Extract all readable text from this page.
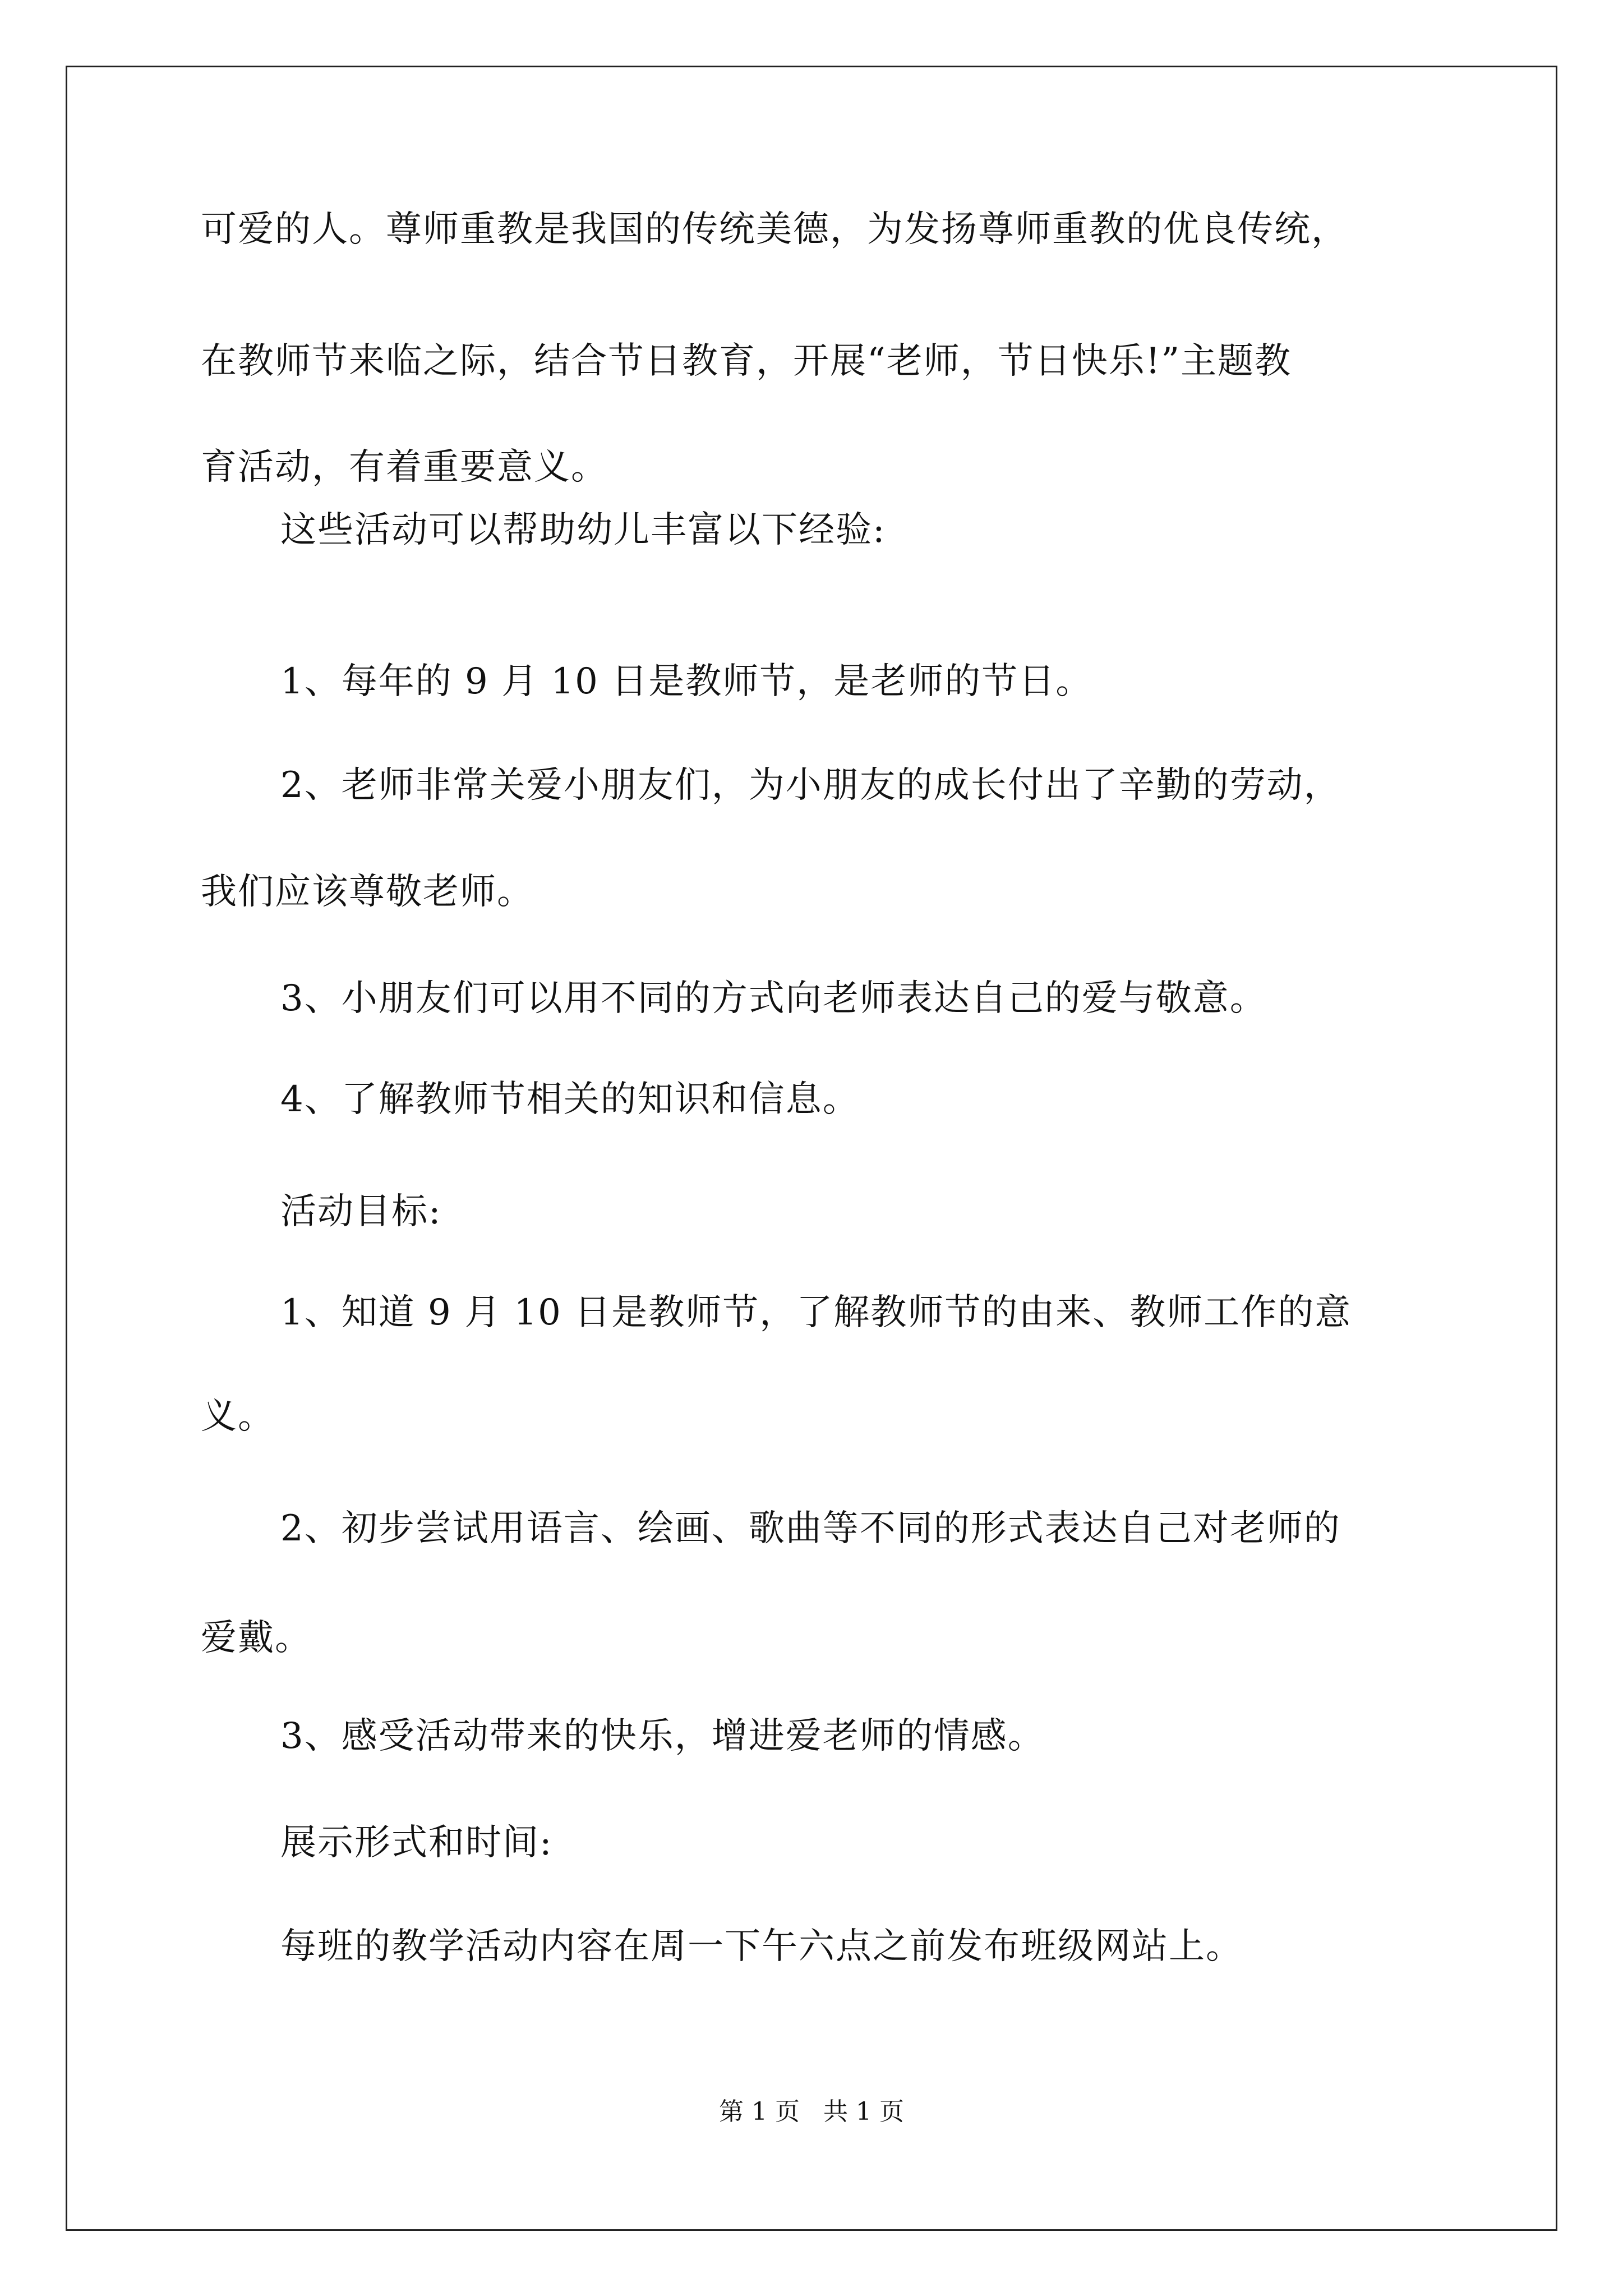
可爱的人。尊师重教是我国的传统美德，为发扬尊师重教的优良传统，
在教师节来临之际，结合节日教育，开展“老师，节日快乐!”主题教
育活动，有着重要意义。
这些活动可以帮助幼儿丰富以下经验:
1、每年的 9 月 10 日是教师节，是老师的节日。
2、老师非常关爱小朋友们，为小朋友的成长付出了辛勤的劳动，
我们应该尊敬老师。
3、小朋友们可以用不同的方式向老师表达自己的爱与敬意。
4、了解教师节相关的知识和信息。
活动目标:
1、知道 9 月 10 日是教师节，了解教师节的由来、教师工作的意
义。
2、初步尝试用语言、绘画、歌曲等不同的形式表达自己对老师的
爱戴。
3、感受活动带来的快乐，增进爱老师的情感。
展示形式和时间:
每班的教学活动内容在周一下午六点之前发布班级网站上。
第 1 页   共 1 页
